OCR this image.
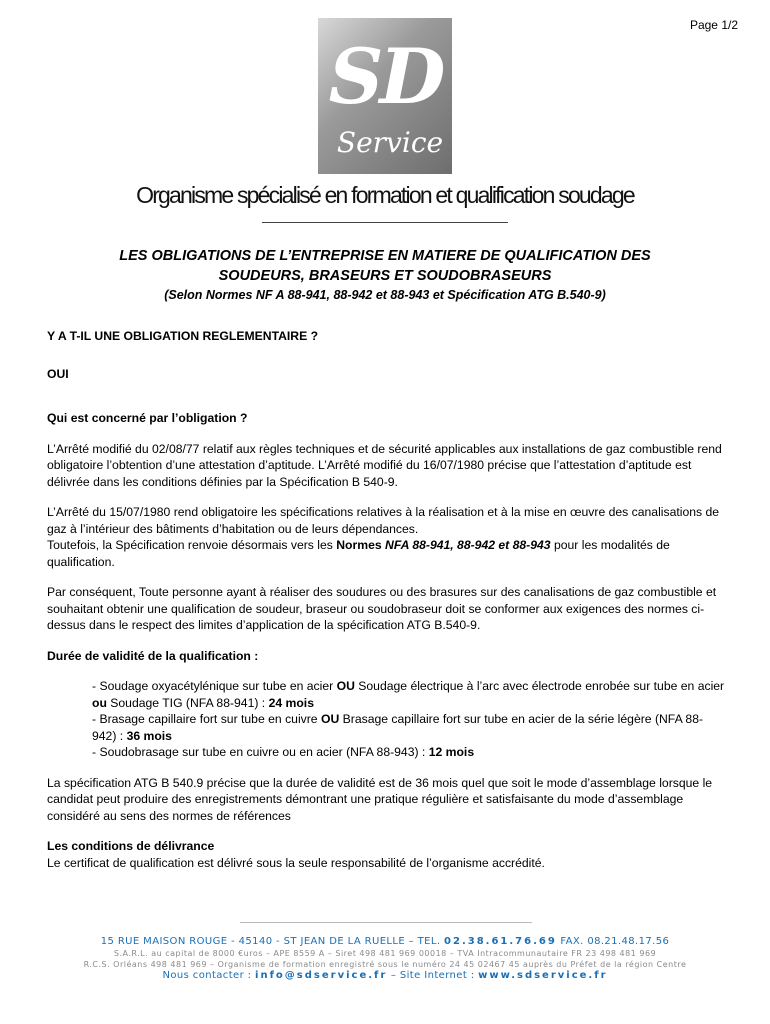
Page 1/2
SD
Service
Organisme spécialisé en formation et qualification soudage
LES OBLIGATIONS DE L’ENTREPRISE EN MATIERE DE QUALIFICATION DES
SOUDEURS, BRASEURS ET SOUDOBRASEURS
(Selon Normes NF A 88-941, 88-942 et 88-943 et Spécification ATG B.540-9)

Y A T-IL UNE OBLIGATION REGLEMENTAIRE ?

OUI

Qui est concerné par l’obligation ?

L’Arrêté modifié du 02/08/77 relatif aux règles techniques et de sécurité applicables aux installations de gaz combustible rend obligatoire l’obtention d’une attestation d’aptitude. L’Arrêté modifié du 16/07/1980 précise que l’attestation d’aptitude est délivrée dans les conditions définies par la Spécification B 540-9.

L’Arrêté du 15/07/1980 rend obligatoire les spécifications relatives à la réalisation et à la mise en œuvre des canalisations de gaz à l’intérieur des bâtiments d’habitation ou de leurs dépendances.

Toutefois, la Spécification renvoie désormais vers les Normes NFA 88-941, 88-942 et 88-943 pour les modalités de qualification.

Par conséquent, Toute personne ayant à réaliser des soudures ou des brasures sur des canalisations de gaz combustible et souhaitant obtenir une qualification de soudeur, braseur ou soudobraseur doit se conformer aux exigences des normes ci-dessus dans le respect des limites d’application de la spécification ATG B.540-9.

Durée de validité de la qualification :

- Soudage oxyacétylénique sur tube en acier OU Soudage électrique à l’arc avec électrode enrobée sur tube en acier ou Soudage TIG (NFA 88-941) : 24 mois

- Brasage capillaire fort sur tube en cuivre OU Brasage capillaire fort sur tube en acier de la série légère (NFA 88-942) : 36 mois

- Soudobrasage sur tube en cuivre ou en acier (NFA 88-943) : 12 mois

La spécification ATG B 540.9 précise que la durée de validité est de 36 mois quel que soit le mode d’assemblage lorsque le candidat peut produire des enregistrements démontrant une pratique régulière et satisfaisante du mode d’assemblage considéré au sens des normes de références

Les conditions de délivrance

Le certificat de qualification est délivré sous la seule responsabilité de l’organisme accrédité.

15 RUE MAISON ROUGE - 45140 - ST JEAN DE LA RUELLE – TEL. 02.38.61.76.69 FAX. 08.21.48.17.56
S.A.R.L. au capital de 8000 €uros – APE 8559 A – Siret 498 481 969 00018 – TVA Intracommunautaire FR 23 498 481 969
R.C.S. Orléans 498 481 969 – Organisme de formation enregistré sous le numéro 24 45 02467 45 auprès du Préfet de la région Centre
Nous contacter : info@sdservice.fr – Site Internet : www.sdservice.fr
